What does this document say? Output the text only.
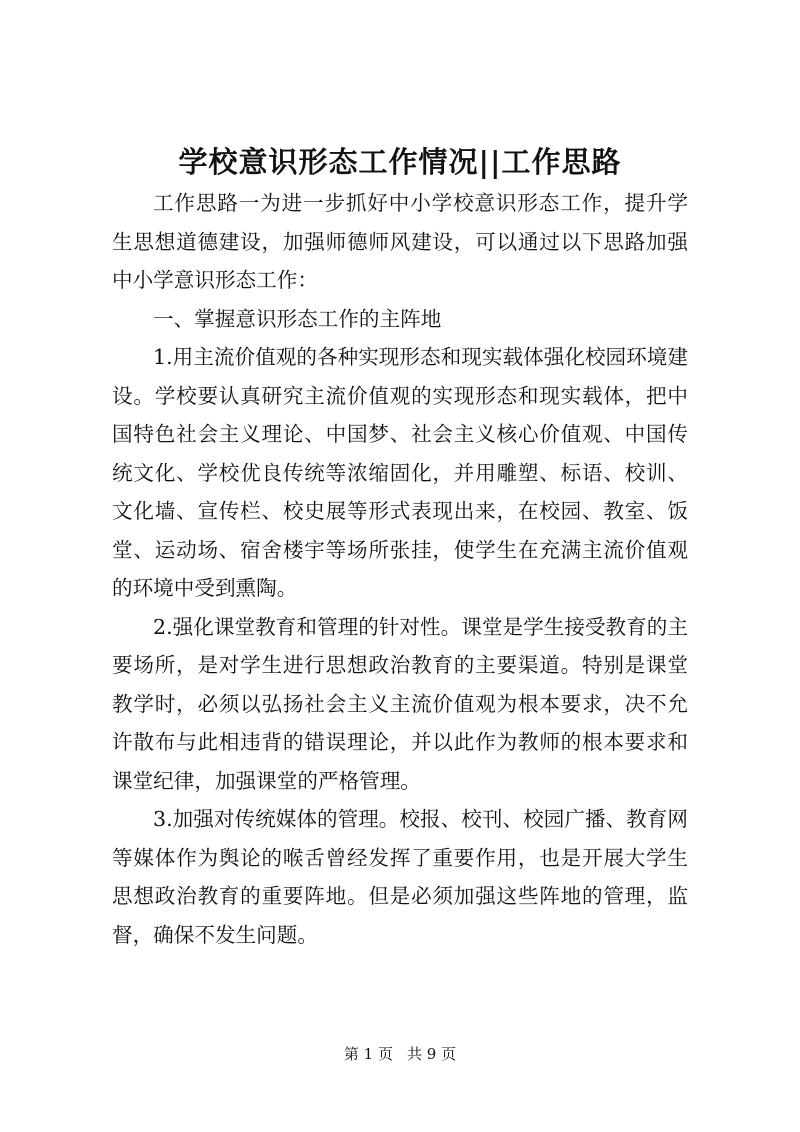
学校意识形态工作情况||工作思路

工作思路一为进一步抓好中小学校意识形态工作，提升学生思想道德建设，加强师德师风建设，可以通过以下思路加强中小学意识形态工作：

一、掌握意识形态工作的主阵地

1.用主流价值观的各种实现形态和现实载体强化校园环境建设。学校要认真研究主流价值观的实现形态和现实载体，把中国特色社会主义理论、中国梦、社会主义核心价值观、中国传统文化、学校优良传统等浓缩固化，并用雕塑、标语、校训、文化墙、宣传栏、校史展等形式表现出来，在校园、教室、饭堂、运动场、宿舍楼宇等场所张挂，使学生在充满主流价值观的环境中受到熏陶。

2.强化课堂教育和管理的针对性。课堂是学生接受教育的主要场所，是对学生进行思想政治教育的主要渠道。特别是课堂教学时，必须以弘扬社会主义主流价值观为根本要求，决不允许散布与此相违背的错误理论，并以此作为教师的根本要求和课堂纪律，加强课堂的严格管理。

3.加强对传统媒体的管理。校报、校刊、校园广播、教育网等媒体作为舆论的喉舌曾经发挥了重要作用，也是开展大学生思想政治教育的重要阵地。但是必须加强这些阵地的管理，监督，确保不发生问题。

第 1 页 共 9 页
